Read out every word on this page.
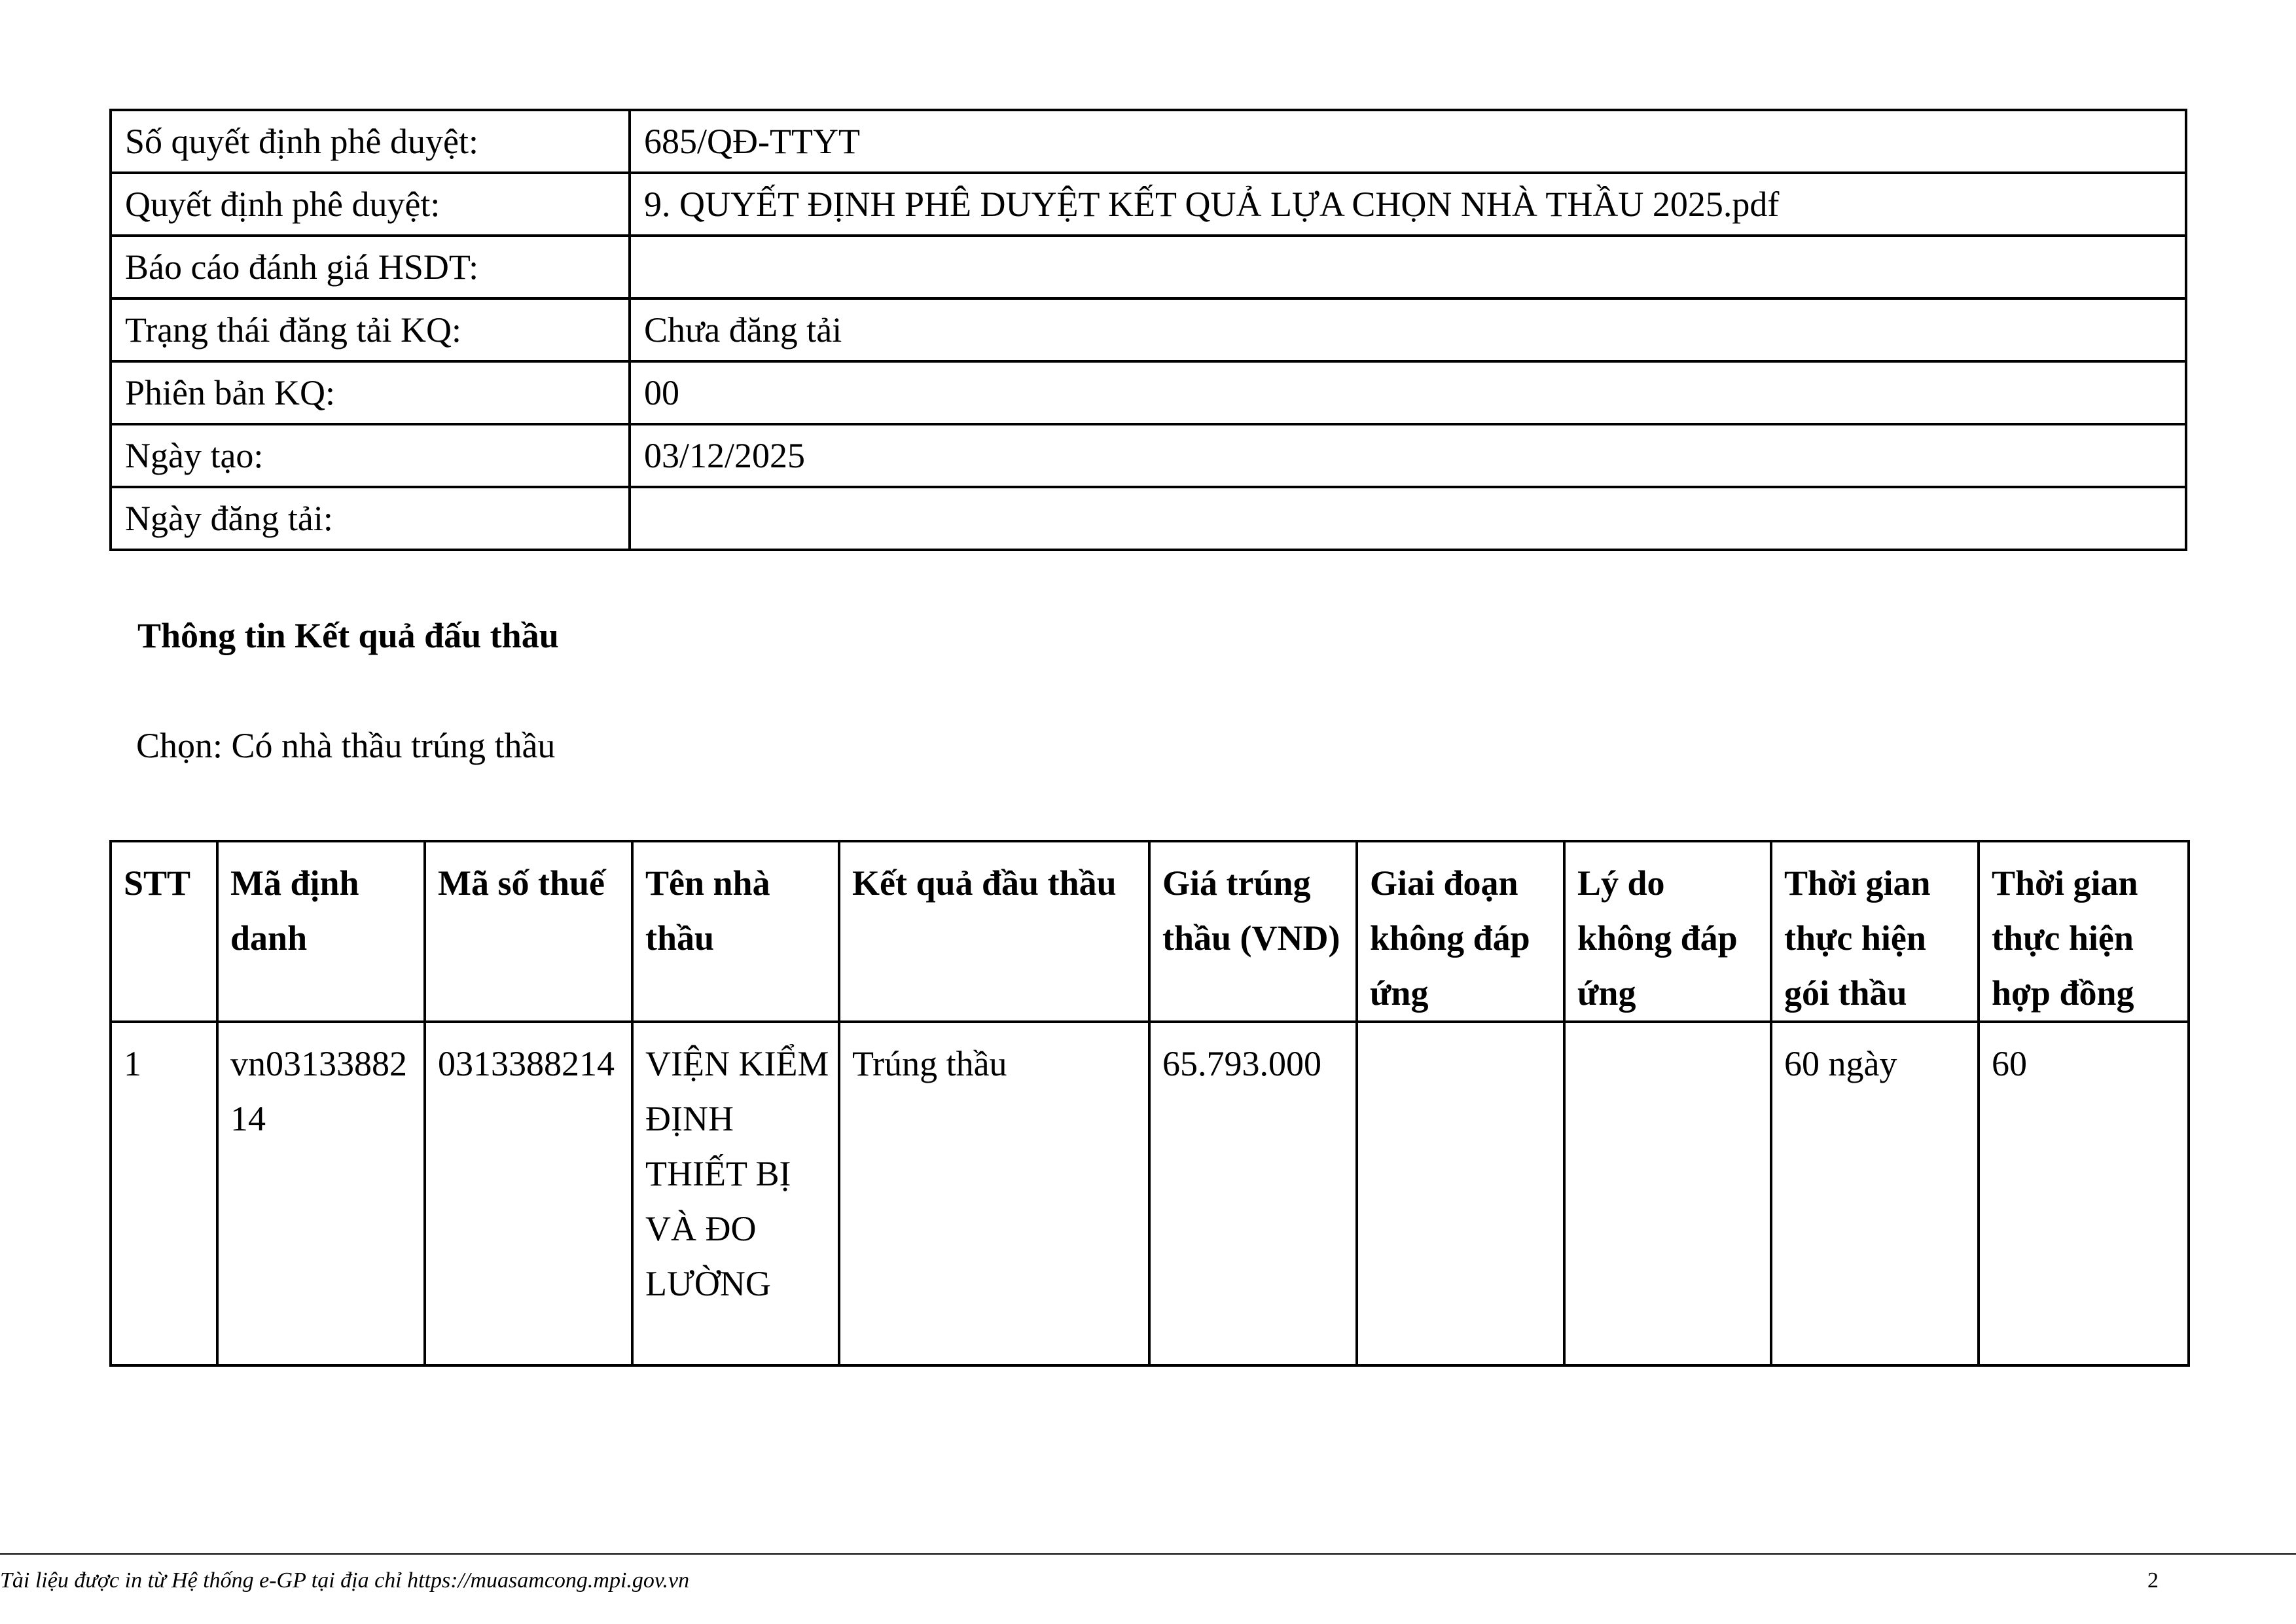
Số quyết định phê duyệt:	685/QĐ-TTYT
Quyết định phê duyệt:	9. QUYẾT ĐỊNH PHÊ DUYỆT KẾT QUẢ LỰA CHỌN NHÀ THẦU 2025.pdf
Báo cáo đánh giá HSDT:	
Trạng thái đăng tải KQ:	Chưa đăng tải
Phiên bản KQ:	00
Ngày tạo:	03/12/2025
Ngày đăng tải:	

Thông tin Kết quả đấu thầu

Chọn: Có nhà thầu trúng thầu

STT	Mã định danh	Mã số thuế	Tên nhà thầu	Kết quả đầu thầu	Giá trúng thầu (VND)	Giai đoạn không đáp ứng	Lý do không đáp ứng	Thời gian thực hiện gói thầu	Thời gian thực hiện hợp đồng
1	vn0313388214	0313388214	VIỆN KIỂM ĐỊNH THIẾT BỊ VÀ ĐO LƯỜNG	Trúng thầu	65.793.000			60 ngày	60

Tài liệu được in từ Hệ thống e-GP tại địa chỉ https://muasamcong.mpi.gov.vn	2
